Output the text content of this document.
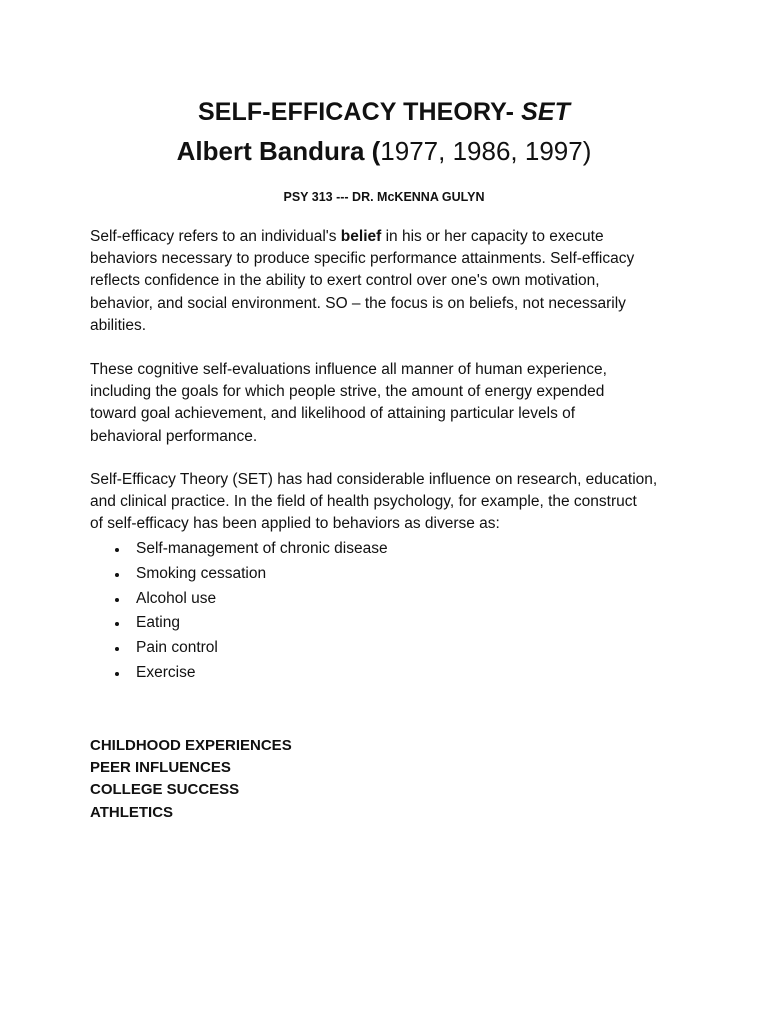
SELF-EFFICACY THEORY- SET
Albert Bandura (1977, 1986, 1997)
PSY 313 --- DR. McKENNA GULYN

Self-efficacy refers to an individual's belief in his or her capacity to execute
behaviors necessary to produce specific performance attainments. Self-efficacy
reflects confidence in the ability to exert control over one's own motivation,
behavior, and social environment. SO – the focus is on beliefs, not necessarily
abilities.

These cognitive self-evaluations influence all manner of human experience,
including the goals for which people strive, the amount of energy expended
toward goal achievement, and likelihood of attaining particular levels of
behavioral performance.

Self-Efficacy Theory (SET) has had considerable influence on research, education,
and clinical practice. In the field of health psychology, for example, the construct
of self-efficacy has been applied to behaviors as diverse as:

Self-management of chronic disease
Smoking cessation
Alcohol use
Eating
Pain control
Exercise
CHILDHOOD EXPERIENCES
PEER INFLUENCES
COLLEGE SUCCESS
ATHLETICS
